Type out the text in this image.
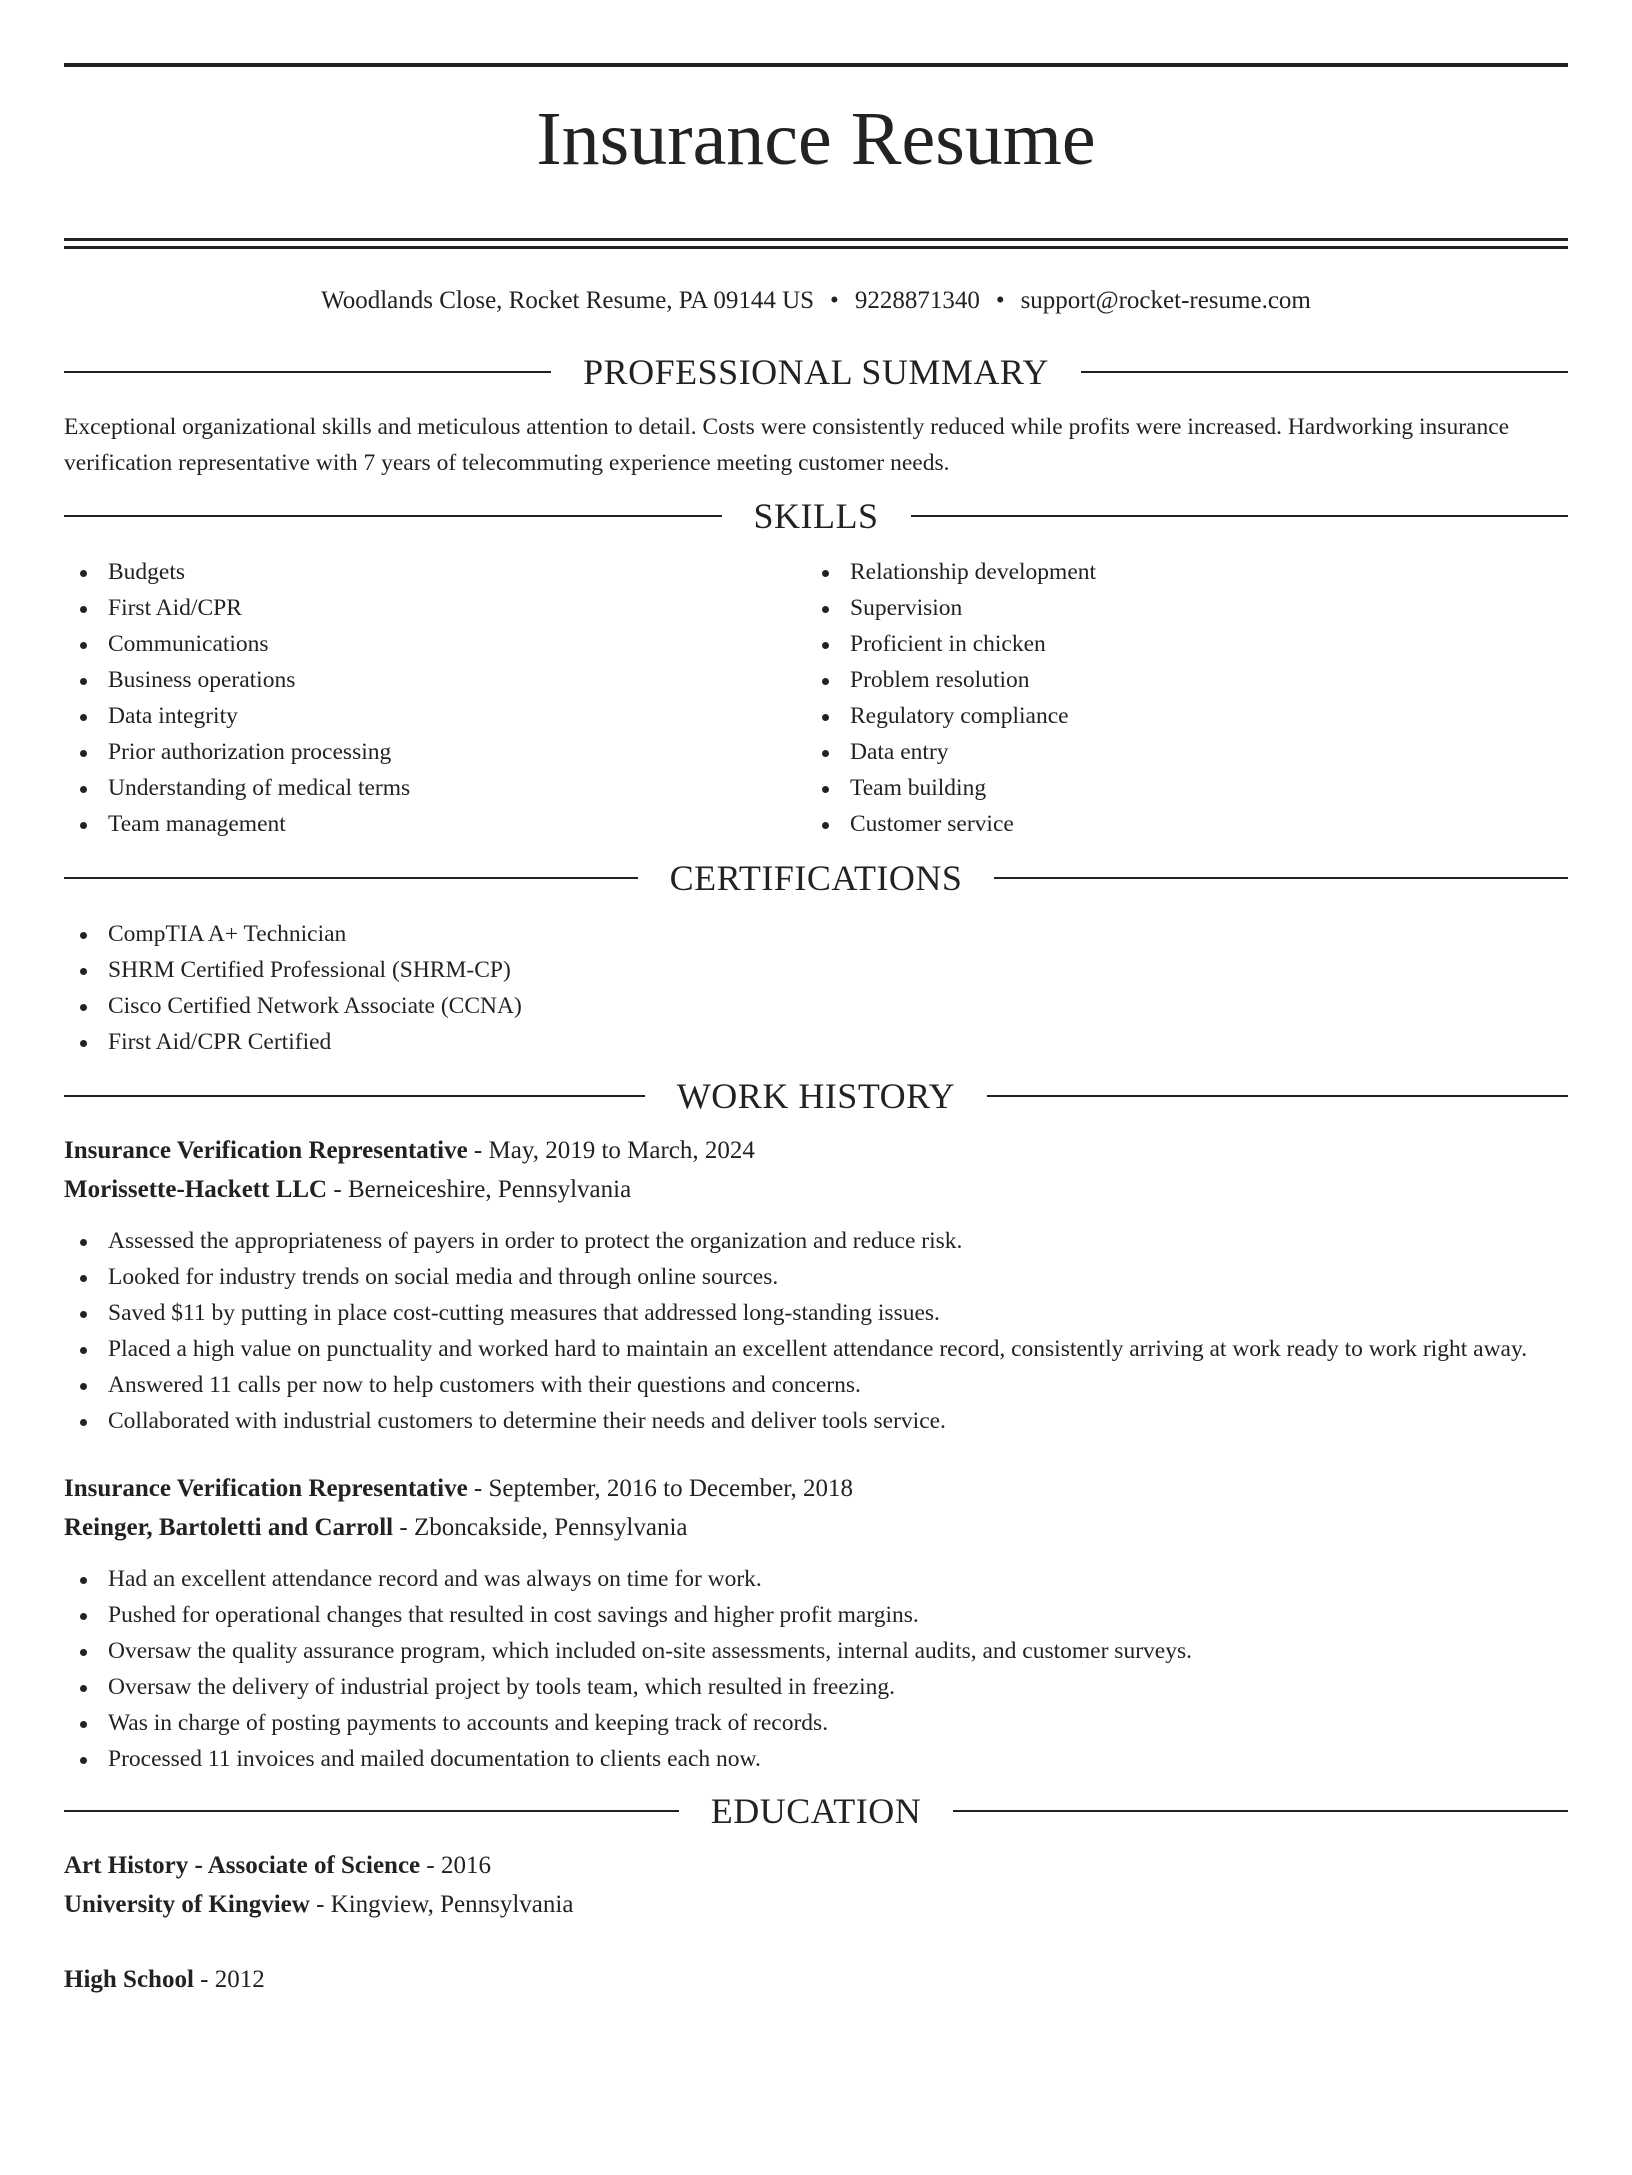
Insurance Resume
Woodlands Close, Rocket Resume, PA 09144 US • 9228871340 • support@rocket-resume.com
PROFESSIONAL SUMMARY

Exceptional organizational skills and meticulous attention to detail. Costs were consistently reduced while profits were increased. Hardworking insurance verification representative with 7 years of telecommuting experience meeting customer needs.

SKILLS
Budgets
First Aid/CPR
Communications
Business operations
Data integrity
Prior authorization processing
Understanding of medical terms
Team management
Relationship development
Supervision
Proficient in chicken
Problem resolution
Regulatory compliance
Data entry
Team building
Customer service
CERTIFICATIONS
CompTIA A+ Technician
SHRM Certified Professional (SHRM-CP)
Cisco Certified Network Associate (CCNA)
First Aid/CPR Certified
WORK HISTORY
Insurance Verification Representative - May, 2019 to March, 2024
Morissette-Hackett LLC - Berneiceshire, Pennsylvania
Assessed the appropriateness of payers in order to protect the organization and reduce risk.
Looked for industry trends on social media and through online sources.
Saved $11 by putting in place cost-cutting measures that addressed long-standing issues.
Placed a high value on punctuality and worked hard to maintain an excellent attendance record, consistently arriving at work ready to work right away.
Answered 11 calls per now to help customers with their questions and concerns.
Collaborated with industrial customers to determine their needs and deliver tools service.
Insurance Verification Representative - September, 2016 to December, 2018
Reinger, Bartoletti and Carroll - Zboncakside, Pennsylvania
Had an excellent attendance record and was always on time for work.
Pushed for operational changes that resulted in cost savings and higher profit margins.
Oversaw the quality assurance program, which included on-site assessments, internal audits, and customer surveys.
Oversaw the delivery of industrial project by tools team, which resulted in freezing.
Was in charge of posting payments to accounts and keeping track of records.
Processed 11 invoices and mailed documentation to clients each now.
EDUCATION
Art History - Associate of Science - 2016
University of Kingview - Kingview, Pennsylvania
High School - 2012
